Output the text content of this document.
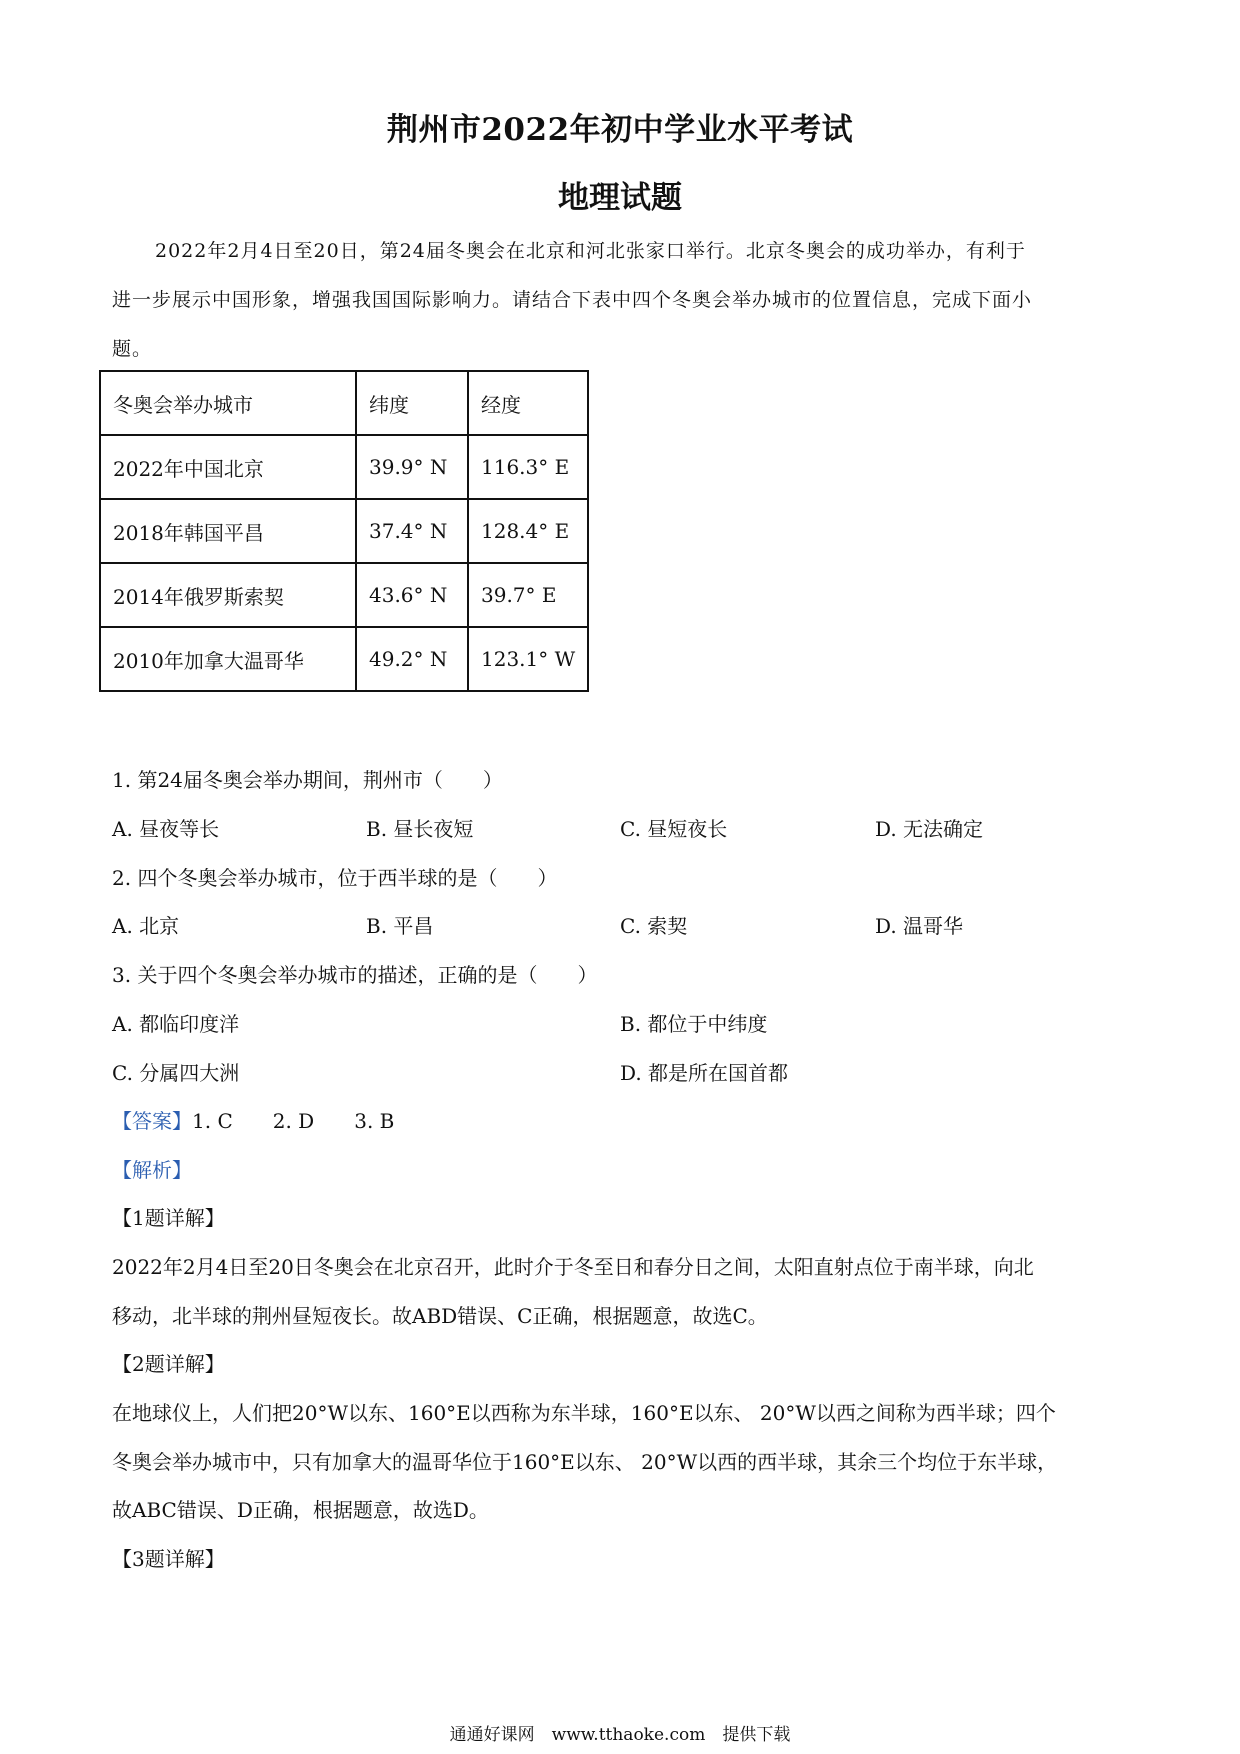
荆州市2022年初中学业水平考试
地理试题
2022年2月4日至20日，第24届冬奥会在北京和河北张家口举行。北京冬奥会的成功举办，有利于
进一步展示中国形象，增强我国国际影响力。请结合下表中四个冬奥会举办城市的位置信息，完成下面小
题。
冬奥会举办城市	纬度	经度
2022年中国北京	39.9° N	116.3° E
2018年韩国平昌	37.4° N	128.4° E
2014年俄罗斯索契	43.6° N	39.7° E
2010年加拿大温哥华	49.2° N	123.1° W
1. 第24届冬奥会举办期间，荆州市（　　）
A. 昼夜等长	B. 昼长夜短	C. 昼短夜长	D. 无法确定
2. 四个冬奥会举办城市，位于西半球的是（　　）
A. 北京	B. 平昌	C. 索契	D. 温哥华
3. 关于四个冬奥会举办城市的描述，正确的是（　　）
A. 都临印度洋	B. 都位于中纬度
C. 分属四大洲	D. 都是所在国首都
【答案】1. C　　2. D　　3. B
【解析】
【1题详解】
2022年2月4日至20日冬奥会在北京召开，此时介于冬至日和春分日之间，太阳直射点位于南半球，向北
移动，北半球的荆州昼短夜长。故ABD错误、C正确，根据题意，故选C。
【2题详解】
在地球仪上，人们把20°W以东、160°E以西称为东半球，160°E以东、 20°W以西之间称为西半球；四个
冬奥会举办城市中，只有加拿大的温哥华位于160°E以东、 20°W以西的西半球，其余三个均位于东半球，
故ABC错误、D正确，根据题意，故选D。
【3题详解】
通通好课网　www.tthaoke.com　提供下载
